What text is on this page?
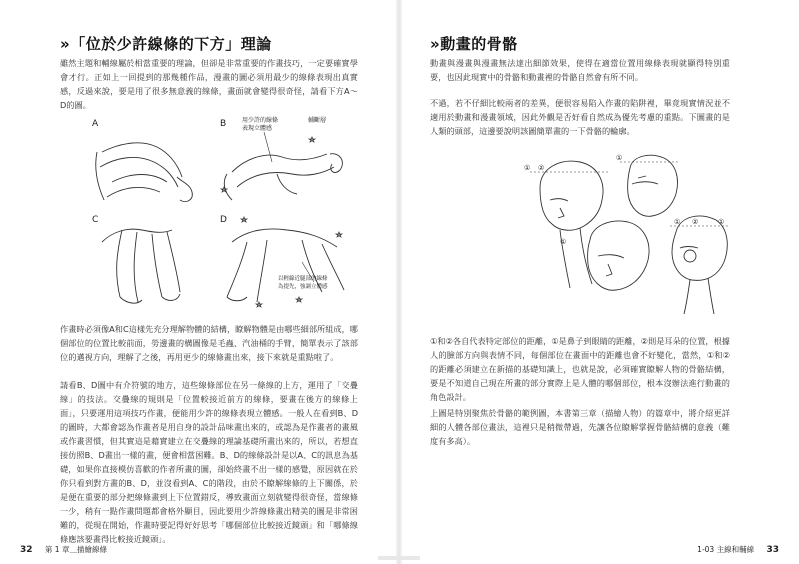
»「位於少許線條的下方」理論

雖然主題和輔線屬於相當重要的理論，但卻是非常重要的作畫技巧，一定要確實學會才行。正如上一回提到的那幾種作品，漫畫的圖必須用最少的線條表現出真實感，反過來說，要是用了很多無意義的線條，畫面就會變得很奇怪，請看下方A～D的圖。

A	B
C	D
用少許的線條 表現立體感
輔斷層
以輕線近腿部的線條 為提先，強調立體感

作畫時必須像A和C這樣先充分理解物體的結構，瞭解物體是由哪些細部所組成，哪個部位的位置比較前面，勞邊畫的構圖像是毛蟲、汽油桶的手臂，簡單表示了該部位的邁視方向，理解了之後，再用更少的線條畫出來，接下來就是重點啦了。

請看B、D圖中有介符號的地方，這些線條部位在另一條線的上方，運用了「交疊線」的技法。交疊線的規則是「位置較接近前方的線條，要畫在後方的線條上面」，只要運用這項技巧作畫，便能用少許的線條表現立體感。一般人在看到B、D的圖時，大都會認為作畫者是用自身的設計品味畫出來的，或認為是作畫者的畫風或作畫習慣，但其實這是藉實建立在交疊線的理論基礎所畫出來的，所以，若想直接仿照B、D畫出一樣的畫，便會相當困難。B、D的線條設計是以A、C的訊息為基礎，如果你直接模仿喜歡的作者所畫的圖，卻始終畫不出一樣的感覺，原因就在於你只看到對方畫的B、D，並沒看到A、C的階段，由於不瞭解線條的上下關係，於是便在重要的部分把線條畫到上下位置錯反，導致畫面立刻就變得很奇怪，當線條一少，稍有一點作畫問題都會格外顯目，因此要用少許線條畫出精美的圖是非常困難的，從現在開始，作畫時要記得好好思考「哪個部位比較接近鏡頭」和「哪條線條應該要畫得比較接近鏡頭」。

32 第 1 章＿描繪線條
»動畫的骨骼

動畫與漫畫與漫畫無法達出細節效果，使得在適當位置用線條表現就顯得特別重要，也因此現實中的骨骼和動畫裡的骨骼自然會有所不同。

不過，若不仔細比較兩者的差異，便很容易陷入作畫的陷阱裡，畢竟現實情況並不適用於動畫和漫畫領域，因此外觀是否好看自然成為優先考慮的重點。下圖畫的是人類的頭部，這邊要說明該圖簡單畫的一下骨骼的輪廓。

① ②
①
①
① ②	①

①和②各自代表特定部位的距離，①是鼻子到眼睛的距離，②則是耳朵的位置，根據人的臉部方向與表情不同，每個部位在畫面中的距離也會不好變化，當然，①和②的距離必須建立在新描的基礎知識上，也就是說，必須確實瞭解人物的骨骼結構，要是不知道自己現在所畫的部分實際上是人體的哪個部位，根本沒辦法進行動畫的角色設計。

上圖是特別聚焦於骨骼的範例圖，本書第三章（描繪人物）的篇章中，將介紹更詳細的人體各部位畫法，這裡只是稍微帶過，先讓各位瞭解掌握骨骼結構的意義（難度有多高）。

1-03 主線和輔線 33
